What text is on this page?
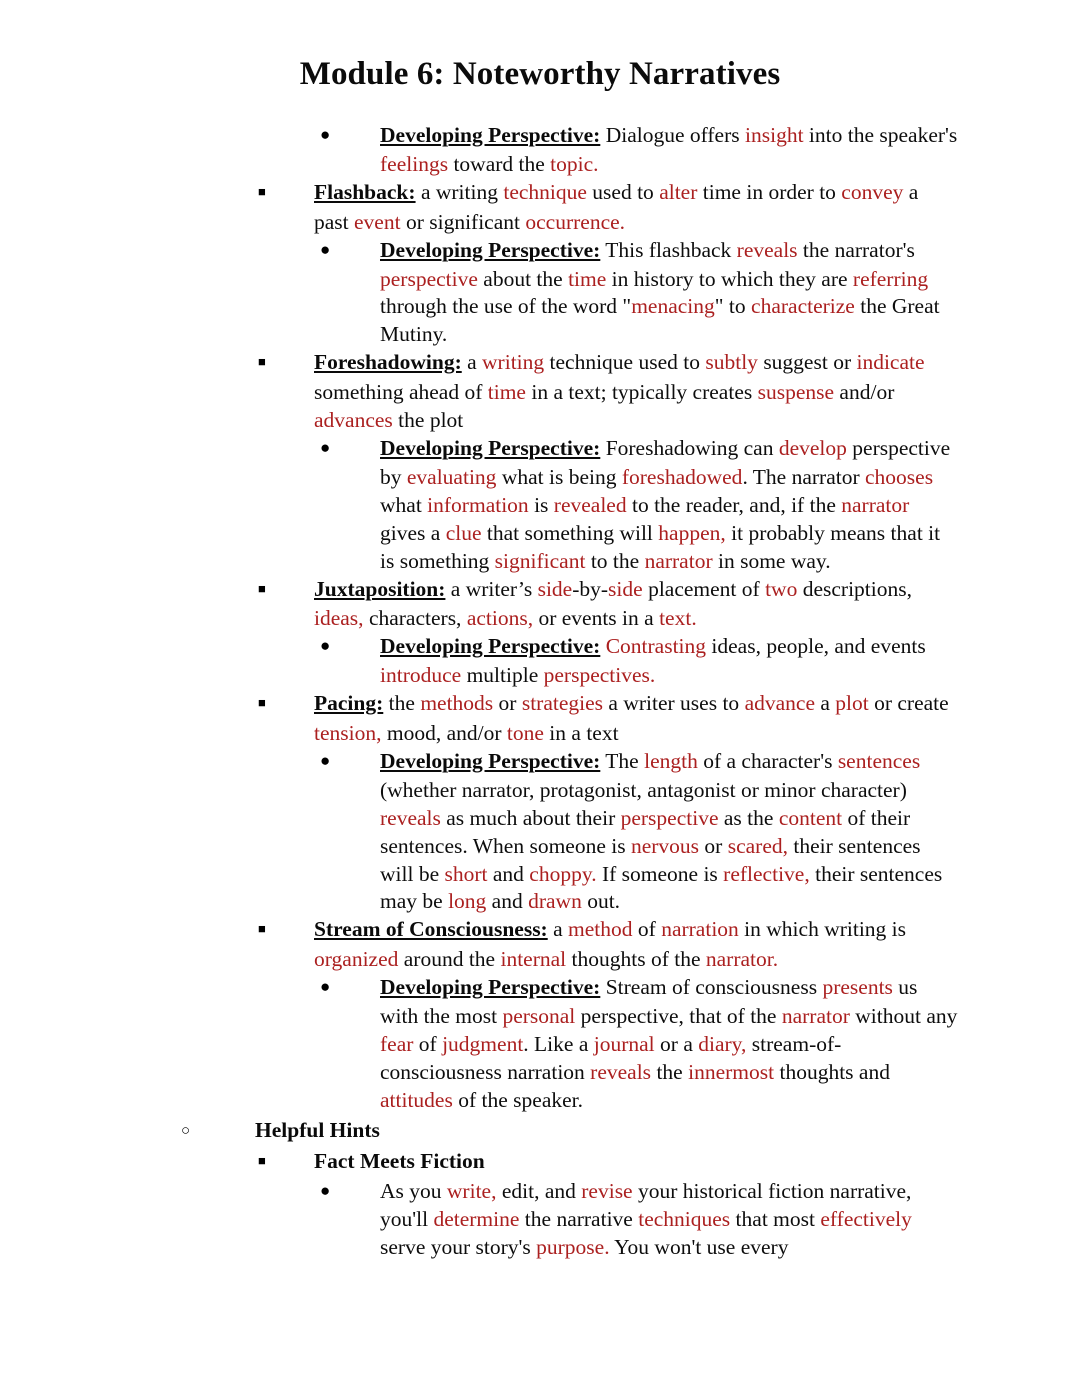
Module 6: Noteworthy Narratives
● Developing Perspective: Dialogue offers insight into the speaker's feelings toward the topic.
■ Flashback: a writing technique used to alter time in order to convey a past event or significant occurrence.
● Developing Perspective: This flashback reveals the narrator's perspective about the time in history to which they are referring through the use of the word "menacing" to characterize the Great Mutiny.
■ Foreshadowing: a writing technique used to subtly suggest or indicate something ahead of time in a text; typically creates suspense and/or advances the plot
● Developing Perspective: Foreshadowing can develop perspective by evaluating what is being foreshadowed. The narrator chooses what information is revealed to the reader, and, if the narrator gives a clue that something will happen, it probably means that it is something significant to the narrator in some way.
■ Juxtaposition: a writer’s side-by-side placement of two descriptions, ideas, characters, actions, or events in a text.
● Developing Perspective: Contrasting ideas, people, and events introduce multiple perspectives.
■ Pacing: the methods or strategies a writer uses to advance a plot or create tension, mood, and/or tone in a text
● Developing Perspective: The length of a character's sentences (whether narrator, protagonist, antagonist or minor character) reveals as much about their perspective as the content of their sentences. When someone is nervous or scared, their sentences will be short and choppy. If someone is reflective, their sentences may be long and drawn out.
■ Stream of Consciousness: a method of narration in which writing is organized around the internal thoughts of the narrator.
● Developing Perspective: Stream of consciousness presents us with the most personal perspective, that of the narrator without any fear of judgment. Like a journal or a diary, stream-of-consciousness narration reveals the innermost thoughts and attitudes of the speaker.
○	Helpful Hints
■ Fact Meets Fiction
● As you write, edit, and revise your historical fiction narrative, you'll determine the narrative techniques that most effectively serve your story's purpose. You won't use every
